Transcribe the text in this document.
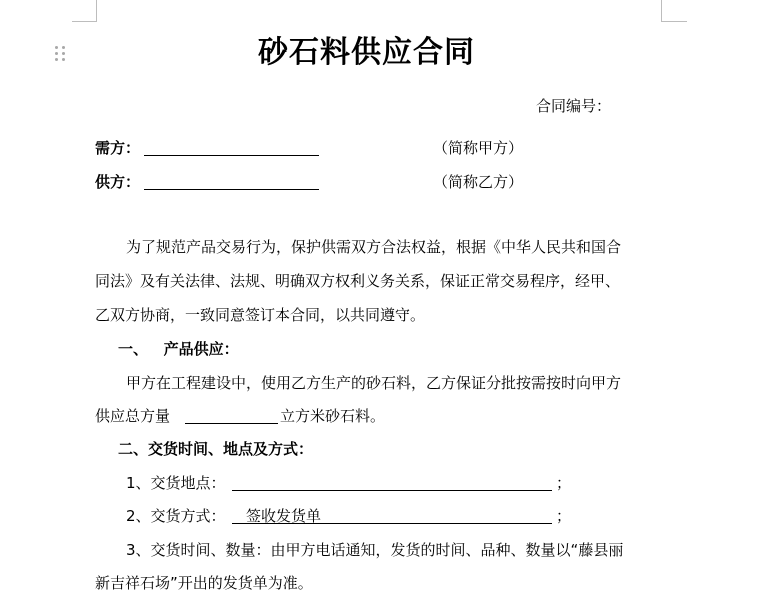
砂石料供应合同
合同编号：
需方：	（简称甲方）
供方：	（简称乙方）
为了规范产品交易行为，保护供需双方合法权益，根据《中华人民共和国合
同法》及有关法律、法规、明确双方权利义务关系，保证正常交易程序，经甲、
乙双方协商，一致同意签订本合同，以共同遵守。
一、   产品供应：
甲方在工程建设中，使用乙方生产的砂石料，乙方保证分批按需按时向甲方
供应总方量	立方米砂石料。
二、交货时间、地点及方式：
1、交货地点：	；
2、交货方式： 签收发货单	；
3、交货时间、数量：由甲方电话通知，发货的时间、品种、数量以“藤县丽
新吉祥石场”开出的发货单为准。
